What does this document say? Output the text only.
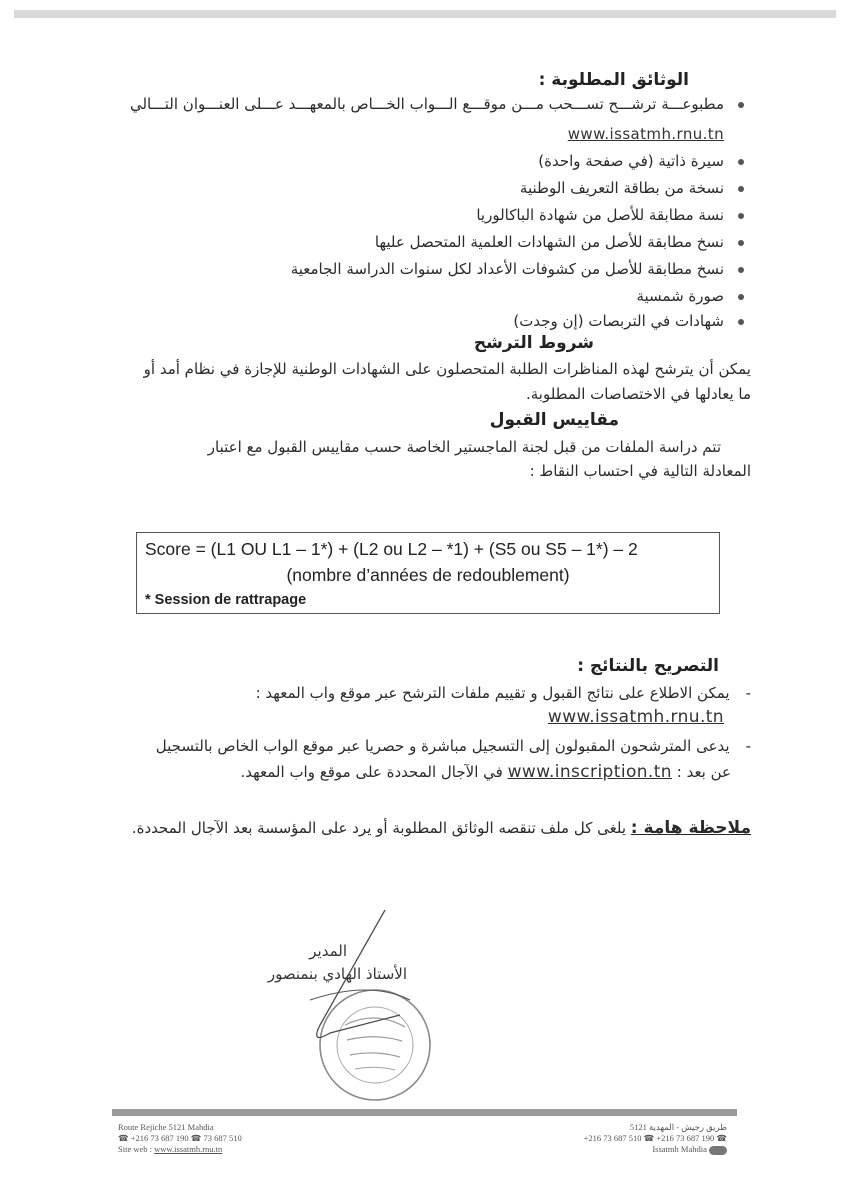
الوثائق المطلوبة :
مطبوعـــة ترشـــح تســـحب مـــن موقـــع الـــواب الخـــاص بالمعهـــد عـــلى العنـــوان التـــالي
www.issatmh.rnu.tn
سيرة ذاتية (في صفحة واحدة)
نسخة من بطاقة التعريف الوطنية
نسة مطابقة للأصل من شهادة الباكالوريا
نسخ مطابقة للأصل من الشهادات العلمية المتحصل عليها
نسخ مطابقة للأصل من كشوفات الأعداد لكل سنوات الدراسة الجامعية
صورة شمسية
شهادات في التربصات (إن وجدت)
شروط الترشح
يمكن أن يترشح لهذه المناظرات الطلبة المتحصلون على الشهادات الوطنية للإجازة في نظام أمد أو
ما يعادلها في الاختصاصات المطلوبة.
مقاييس القبول
تتم دراسة الملفات من قبل لجنة الماجستير الخاصة حسب مقاييس القبول مع اعتبار
المعادلة التالية في احتساب النقاط :
Score = (L1 OU L1 – 1*) + (L2 ou L2 – *1) + (S5 ou S5 – 1*) – 2
(nombre d’années de redoublement)
* Session de rattrapage
التصريح بالنتائج :
-يمكن الاطلاع على نتائج القبول و تقييم ملفات الترشح عبر موقع واب المعهد :
www.issatmh.rnu.tn
-يدعى المترشحون المقبولون إلى التسجيل مباشرة و حصريا عبر موقع الواب الخاص بالتسجيل
عن بعد : www.inscription.tn في الآجال المحددة على موقع واب المعهد.
ملاحظة هامة : يلغى كل ملف تنقصه الوثائق المطلوبة أو يرد على المؤسسة بعد الآجال المحددة.
المدير
الأستاذ الهادي بنمنصور
Route Rejiche 5121 Mahdia
☎ +216 73 687 190 ☎ 73 687 510
Site web : www.issatmh.rnu.tn
طريق رجيش - المهدية 5121
+216 73 687 510 ☎ +216 73 687 190 ☎
Issatmh Mahdia
